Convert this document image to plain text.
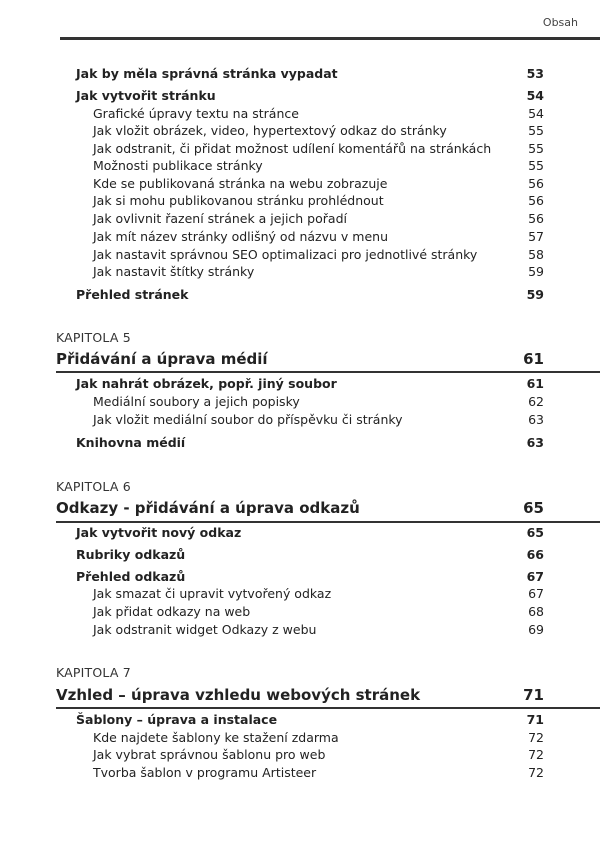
Obsah
Jak by měla správná stránka vypadat	53
Jak vytvořit stránku	54
Grafické úpravy textu na stránce	54
Jak vložit obrázek, video, hypertextový odkaz do stránky	55
Jak odstranit, či přidat možnost udílení komentářů na stránkách	55
Možnosti publikace stránky	55
Kde se publikovaná stránka na webu zobrazuje	56
Jak si mohu publikovanou stránku prohlédnout	56
Jak ovlivnit řazení stránek a jejich pořadí	56
Jak mít název stránky odlišný od názvu v menu	57
Jak nastavit správnou SEO optimalizaci pro jednotlivé stránky	58
Jak nastavit štítky stránky	59
Přehled stránek	59
KAPITOLA 5
Přidávání a úprava médií	61
Jak nahrát obrázek, popř. jiný soubor	61
Mediální soubory a jejich popisky	62
Jak vložit mediální soubor do příspěvku či stránky	63
Knihovna médií	63
KAPITOLA 6
Odkazy - přidávání a úprava odkazů	65
Jak vytvořit nový odkaz	65
Rubriky odkazů	66
Přehled odkazů	67
Jak smazat či upravit vytvořený odkaz	67
Jak přidat odkazy na web	68
Jak odstranit widget Odkazy z webu	69
KAPITOLA 7
Vzhled – úprava vzhledu webových stránek	71
Šablony – úprava a instalace	71
Kde najdete šablony ke stažení zdarma	72
Jak vybrat správnou šablonu pro web	72
Tvorba šablon v programu Artisteer	72
